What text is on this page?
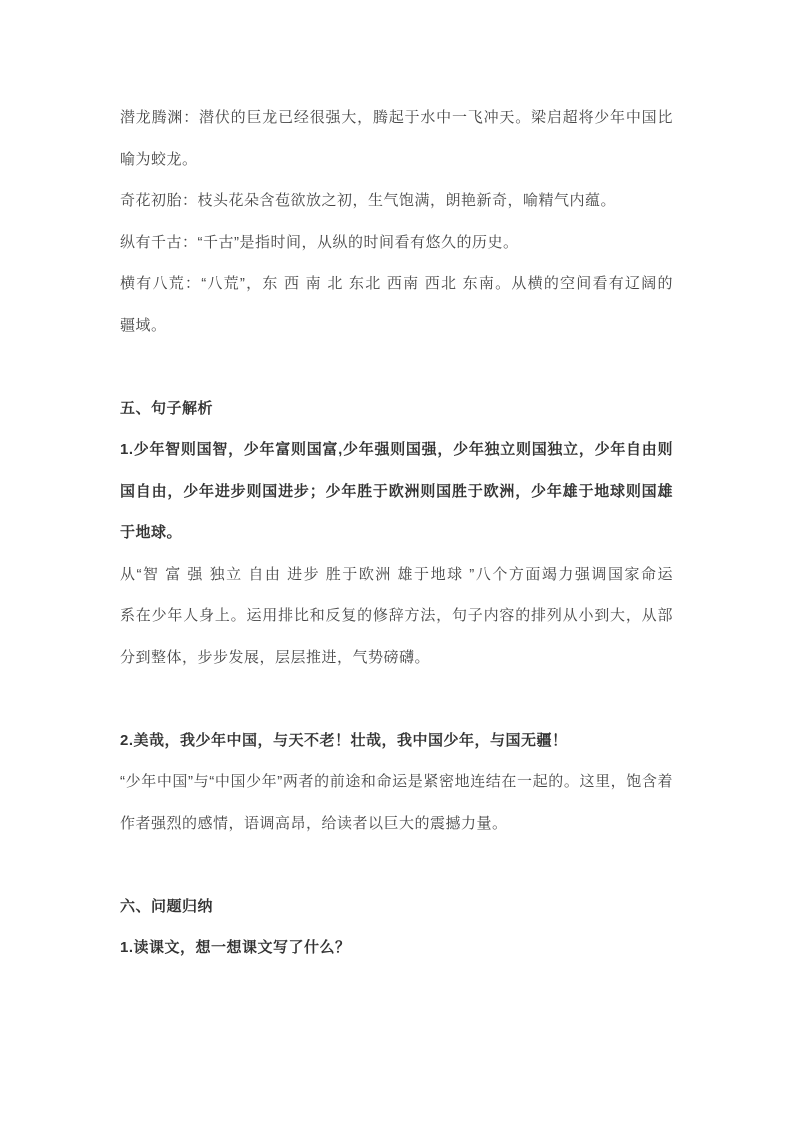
潜龙腾渊：潜伏的巨龙已经很强大，腾起于水中一飞冲天。梁启超将少年中国比
喻为蛟龙。
奇花初胎：枝头花朵含苞欲放之初，生气饱满，朗艳新奇，喻精气内蕴。
纵有千古：“千古”是指时间，从纵的时间看有悠久的历史。
横有八荒：“八荒”，东 西 南 北 东北 西南 西北 东南。从横的空间看有辽阔的
疆域。
五、句子解析
1.少年智则国智，少年富则国富,少年强则国强，少年独立则国独立，少年自由则
国自由，少年进步则国进步；少年胜于欧洲则国胜于欧洲，少年雄于地球则国雄
于地球。
从“智 富 强 独立 自由 进步 胜于欧洲 雄于地球 ”八个方面竭力强调国家命运
系在少年人身上。运用排比和反复的修辞方法，句子内容的排列从小到大，从部
分到整体，步步发展，层层推进，气势磅礴。
2.美哉，我少年中国，与天不老！壮哉，我中国少年，与国无疆！
“少年中国”与“中国少年”两者的前途和命运是紧密地连结在一起的。这里，饱含着
作者强烈的感情，语调高昂，给读者以巨大的震撼力量。
六、问题归纳
1.读课文，想一想课文写了什么？
